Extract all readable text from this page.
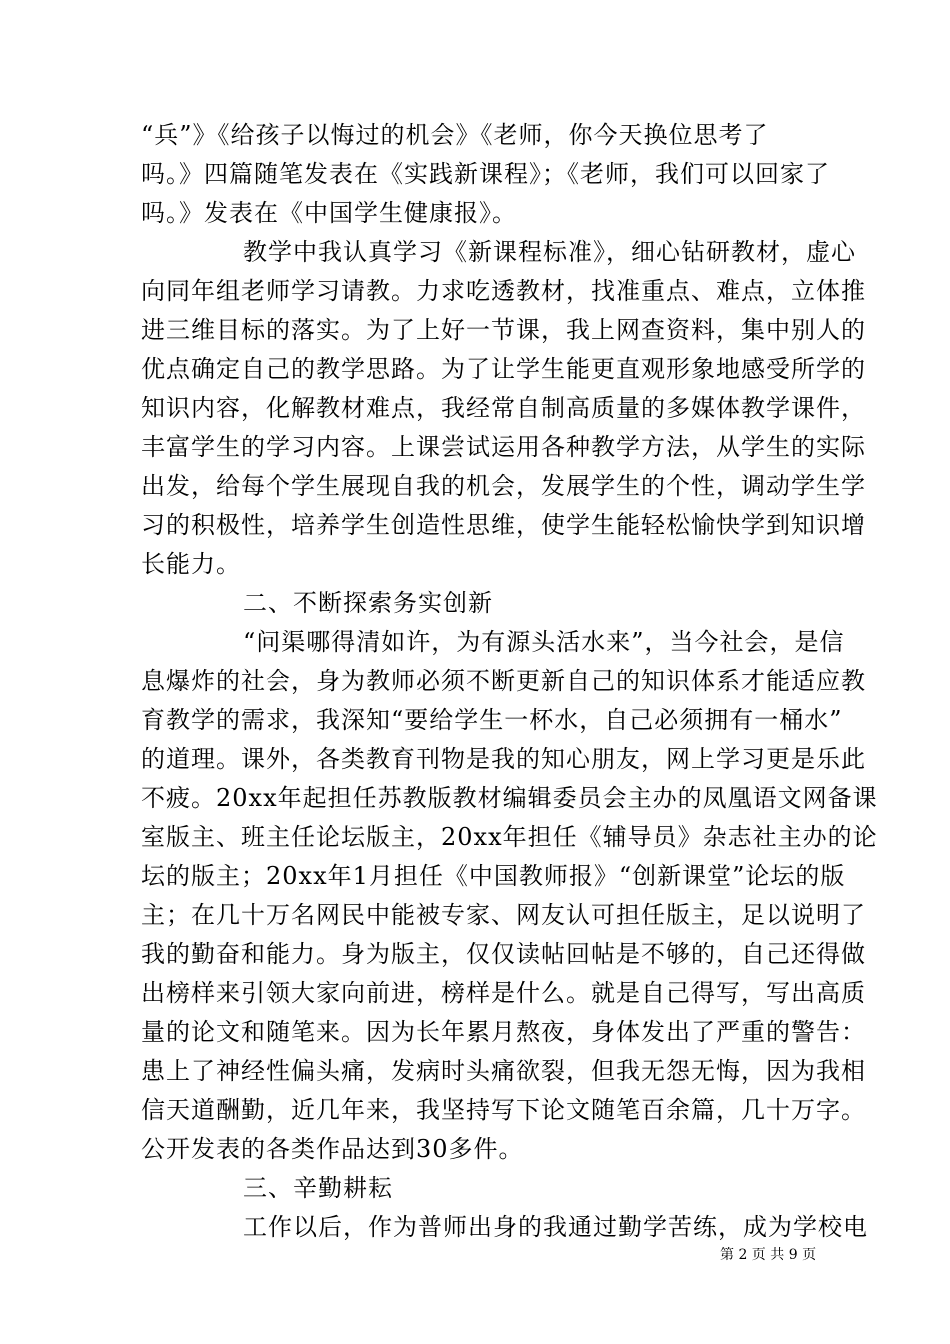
“兵”》《给孩子以悔过的机会》《老师，你今天换位思考了
吗。》四篇随笔发表在《实践新课程》；《老师，我们可以回家了
吗。》发表在《中国学生健康报》。
教学中我认真学习《新课程标准》，细心钻研教材，虚心
向同年组老师学习请教。力求吃透教材，找准重点、难点，立体推
进三维目标的落实。为了上好一节课，我上网查资料，集中别人的
优点确定自己的教学思路。为了让学生能更直观形象地感受所学的
知识内容，化解教材难点，我经常自制高质量的多媒体教学课件，
丰富学生的学习内容。上课尝试运用各种教学方法，从学生的实际
出发，给每个学生展现自我的机会，发展学生的个性，调动学生学
习的积极性，培养学生创造性思维，使学生能轻松愉快学到知识增
长能力。
二、不断探索务实创新
“问渠哪得清如许，为有源头活水来”，当今社会，是信
息爆炸的社会，身为教师必须不断更新自己的知识体系才能适应教
育教学的需求，我深知“要给学生一杯水，自己必须拥有一桶水”
的道理。课外，各类教育刊物是我的知心朋友，网上学习更是乐此
不疲。20xx年起担任苏教版教材编辑委员会主办的凤凰语文网备课
室版主、班主任论坛版主，20xx年担任《辅导员》杂志社主办的论
坛的版主；20xx年1月担任《中国教师报》“创新课堂”论坛的版
主；在几十万名网民中能被专家、网友认可担任版主，足以说明了
我的勤奋和能力。身为版主，仅仅读帖回帖是不够的，自己还得做
出榜样来引领大家向前进，榜样是什么。就是自己得写，写出高质
量的论文和随笔来。因为长年累月熬夜，身体发出了严重的警告：
患上了神经性偏头痛，发病时头痛欲裂，但我无怨无悔，因为我相
信天道酬勤，近几年来，我坚持写下论文随笔百余篇，几十万字。
公开发表的各类作品达到30多件。
三、辛勤耕耘
工作以后，作为普师出身的我通过勤学苦练，成为学校电
第 2 页 共 9 页
